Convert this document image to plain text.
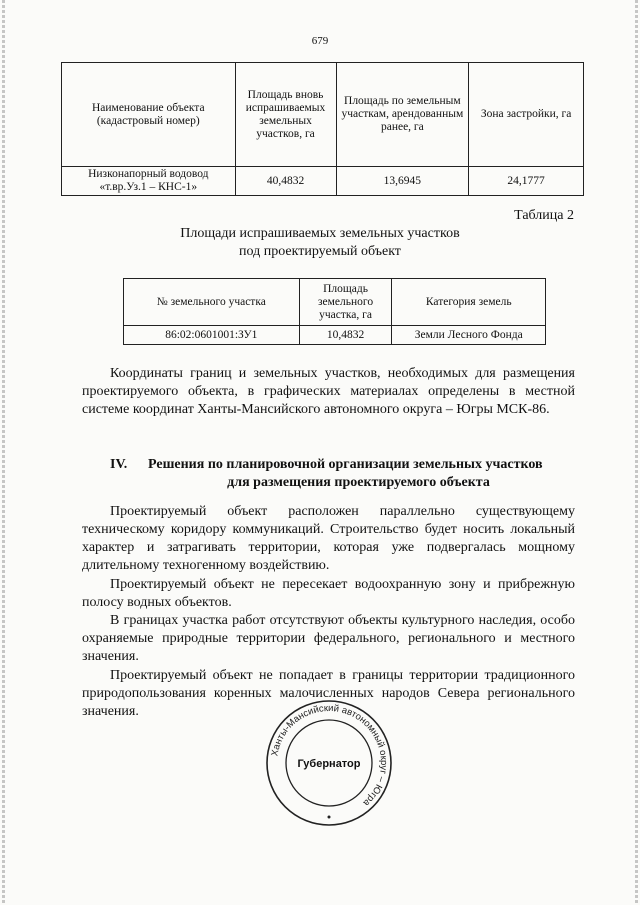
679
Наименование объекта (кадастровый номер)	Площадь вновь испрашиваемых земельных участков, га	Площадь по земельным участкам, арендованным ранее, га	Зона застройки, га
Низконапорный водовод «т.вр.Уз.1 – КНС-1»	40,4832	13,6945	24,1777
Таблица 2
Площади испрашиваемых земельных участков
под проектируемый объект
№ земельного участка	Площадь земельного участка, га	Категория земель
86:02:0601001:ЗУ1	10,4832	Земли Лесного Фонда
Координаты границ и земельных участков, необходимых для размещения проектируемого объекта, в графических материалах определены в местной системе координат Ханты-Мансийского автономного округа – Югры МСК-86.
IV. Решения по планировочной организации земельных участков
для размещения проектируемого объекта
Проектируемый объект расположен параллельно существующему техническому коридору коммуникаций. Строительство будет носить локальный характер и затрагивать территории, которая уже подвергалась мощному длительному техногенному воздействию.
Проектируемый объект не пересекает водоохранную зону и прибрежную полосу водных объектов.
В границах участка работ отсутствуют объекты культурного наследия, особо охраняемые природные территории федерального, регионального и местного значения.
Проектируемый объект не попадает в границы территории традиционного природопользования коренных малочисленных народов Севера регионального значения.
Ханты-Мансийский автономный округ – Югра
Губернатор
